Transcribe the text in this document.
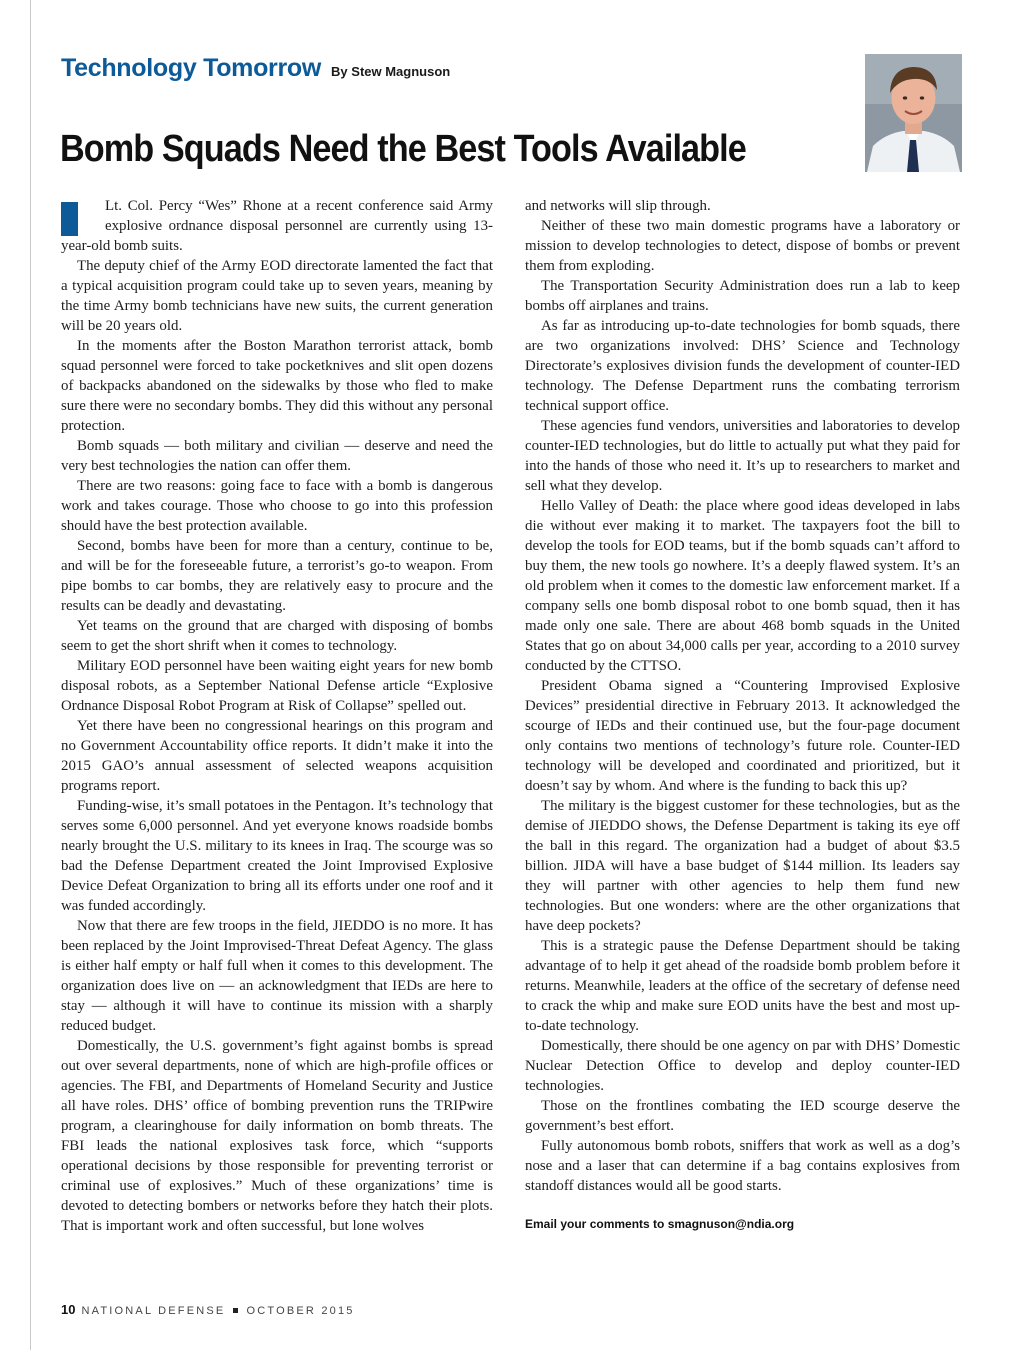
Technology Tomorrow By Stew Magnuson
Bomb Squads Need the Best Tools Available

Lt. Col. Percy “Wes” Rhone at a recent conference said Army explosive ordnance disposal personnel are currently using 13-year-old bomb suits.

The deputy chief of the Army EOD directorate lamented the fact that a typical acquisition program could take up to seven years, meaning by the time Army bomb technicians have new suits, the current generation will be 20 years old.

In the moments after the Boston Marathon terrorist attack, bomb squad personnel were forced to take pocketknives and slit open dozens of backpacks abandoned on the sidewalks by those who fled to make sure there were no secondary bombs. They did this without any personal protection.

Bomb squads — both military and civilian — deserve and need the very best technologies the nation can offer them.

There are two reasons: going face to face with a bomb is dangerous work and takes courage. Those who choose to go into this profession should have the best protection available.

Second, bombs have been for more than a century, continue to be, and will be for the foreseeable future, a terrorist’s go-to weapon. From pipe bombs to car bombs, they are relatively easy to procure and the results can be deadly and devastating.

Yet teams on the ground that are charged with disposing of bombs seem to get the short shrift when it comes to technology.

Military EOD personnel have been waiting eight years for new bomb disposal robots, as a September National Defense article “Explosive Ordnance Disposal Robot Program at Risk of Collapse” spelled out.

Yet there have been no congressional hearings on this program and no Government Accountability office reports. It didn’t make it into the 2015 GAO’s annual assessment of selected weapons acquisition programs report.

Funding-wise, it’s small potatoes in the Pentagon. It’s technology that serves some 6,000 personnel. And yet everyone knows roadside bombs nearly brought the U.S. military to its knees in Iraq. The scourge was so bad the Defense Department created the Joint Improvised Explosive Device Defeat Organization to bring all its efforts under one roof and it was funded accordingly.

Now that there are few troops in the field, JIEDDO is no more. It has been replaced by the Joint Improvised-Threat Defeat Agency. The glass is either half empty or half full when it comes to this development. The organization does live on — an acknowledgment that IEDs are here to stay — although it will have to continue its mission with a sharply reduced budget.

Domestically, the U.S. government’s fight against bombs is spread out over several departments, none of which are high-profile offices or agencies. The FBI, and Departments of Homeland Security and Justice all have roles. DHS’ office of bombing prevention runs the TRIPwire program, a clearinghouse for daily information on bomb threats. The FBI leads the national explosives task force, which “supports operational decisions by those responsible for preventing terrorist or criminal use of explosives.” Much of these organizations’ time is devoted to detecting bombers or networks before they hatch their plots. That is important work and often successful, but lone wolves

and networks will slip through.

Neither of these two main domestic programs have a laboratory or mission to develop technologies to detect, dispose of bombs or prevent them from exploding.

The Transportation Security Administration does run a lab to keep bombs off airplanes and trains.

As far as introducing up-to-date technologies for bomb squads, there are two organizations involved: DHS’ Science and Technology Directorate’s explosives division funds the development of counter-IED technology. The Defense Department runs the combating terrorism technical support office.

These agencies fund vendors, universities and laboratories to develop counter-IED technologies, but do little to actually put what they paid for into the hands of those who need it. It’s up to researchers to market and sell what they develop.

Hello Valley of Death: the place where good ideas developed in labs die without ever making it to market. The taxpayers foot the bill to develop the tools for EOD teams, but if the bomb squads can’t afford to buy them, the new tools go nowhere. It’s a deeply flawed system. It’s an old problem when it comes to the domestic law enforcement market. If a company sells one bomb disposal robot to one bomb squad, then it has made only one sale. There are about 468 bomb squads in the United States that go on about 34,000 calls per year, according to a 2010 survey conducted by the CTTSO.

President Obama signed a “Countering Improvised Explosive Devices” presidential directive in February 2013. It acknowledged the scourge of IEDs and their continued use, but the four-page document only contains two mentions of technology’s future role. Counter-IED technology will be developed and coordinated and prioritized, but it doesn’t say by whom. And where is the funding to back this up?

The military is the biggest customer for these technologies, but as the demise of JIEDDO shows, the Defense Department is taking its eye off the ball in this regard. The organization had a budget of about $3.5 billion. JIDA will have a base budget of $144 million. Its leaders say they will partner with other agencies to help them fund new technologies. But one wonders: where are the other organizations that have deep pockets?

This is a strategic pause the Defense Department should be taking advantage of to help it get ahead of the roadside bomb problem before it returns. Meanwhile, leaders at the office of the secretary of defense need to crack the whip and make sure EOD units have the best and most up-to-date technology.

Domestically, there should be one agency on par with DHS’ Domestic Nuclear Detection Office to develop and deploy counter-IED technologies.

Those on the frontlines combating the IED scourge deserve the government’s best effort.

Fully autonomous bomb robots, sniffers that work as well as a dog’s nose and a laser that can determine if a bag contains explosives from standoff distances would all be good starts.

Email your comments to smagnuson@ndia.org
10 NATIONAL DEFENSE OCTOBER 2015
